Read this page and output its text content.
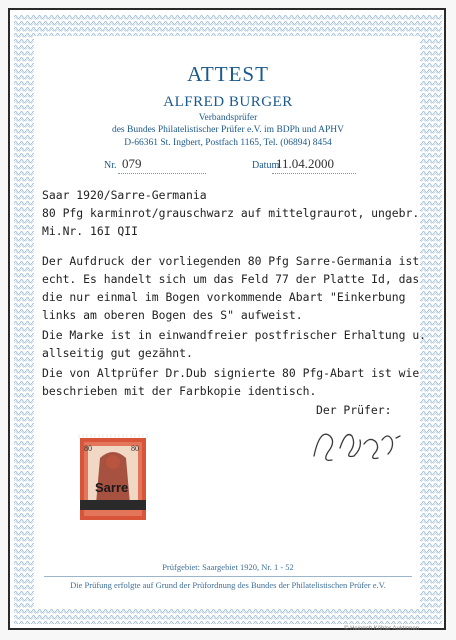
ATTEST
ALFRED BURGER
Verbandsprüfer
des Bundes Philatelistischer Prüfer e.V. im BDPh und APHV
D-66361 St. Ingbert, Postfach 1165, Tel. (06894) 8454
Nr. 079	Datum
11.04.2000
Saar 1920/Sarre-Germania
80 Pfg karminrot/grauschwarz auf mittelgraurot, ungebr.
Mi.Nr. 16I QII
Der Aufdruck der vorliegenden 80 Pfg Sarre-Germania ist
echt. Es handelt sich um das Feld 77 der Platte Id, das
die nur einmal im Bogen vorkommende Abart "Einkerbung
links am oberen Bogen des S" aufweist.
Die Marke ist in einwandfreier postfrischer Erhaltung u.
allseitig gut gezähnt.
Die von Altprüfer Dr.Dub signierte 80 Pfg-Abart ist wie
beschrieben mit der Farbkopie identisch.
80	80
Sarre
Der Prüfer:
Prüfgebiet: Saargebiet 1920, Nr. 1 - 52
Die Prüfung erfolgte auf Grund der Prüfordnung des Bundes der Philatelistischen Prüfer e.V.
© Heinrich Köhler Auktionen
